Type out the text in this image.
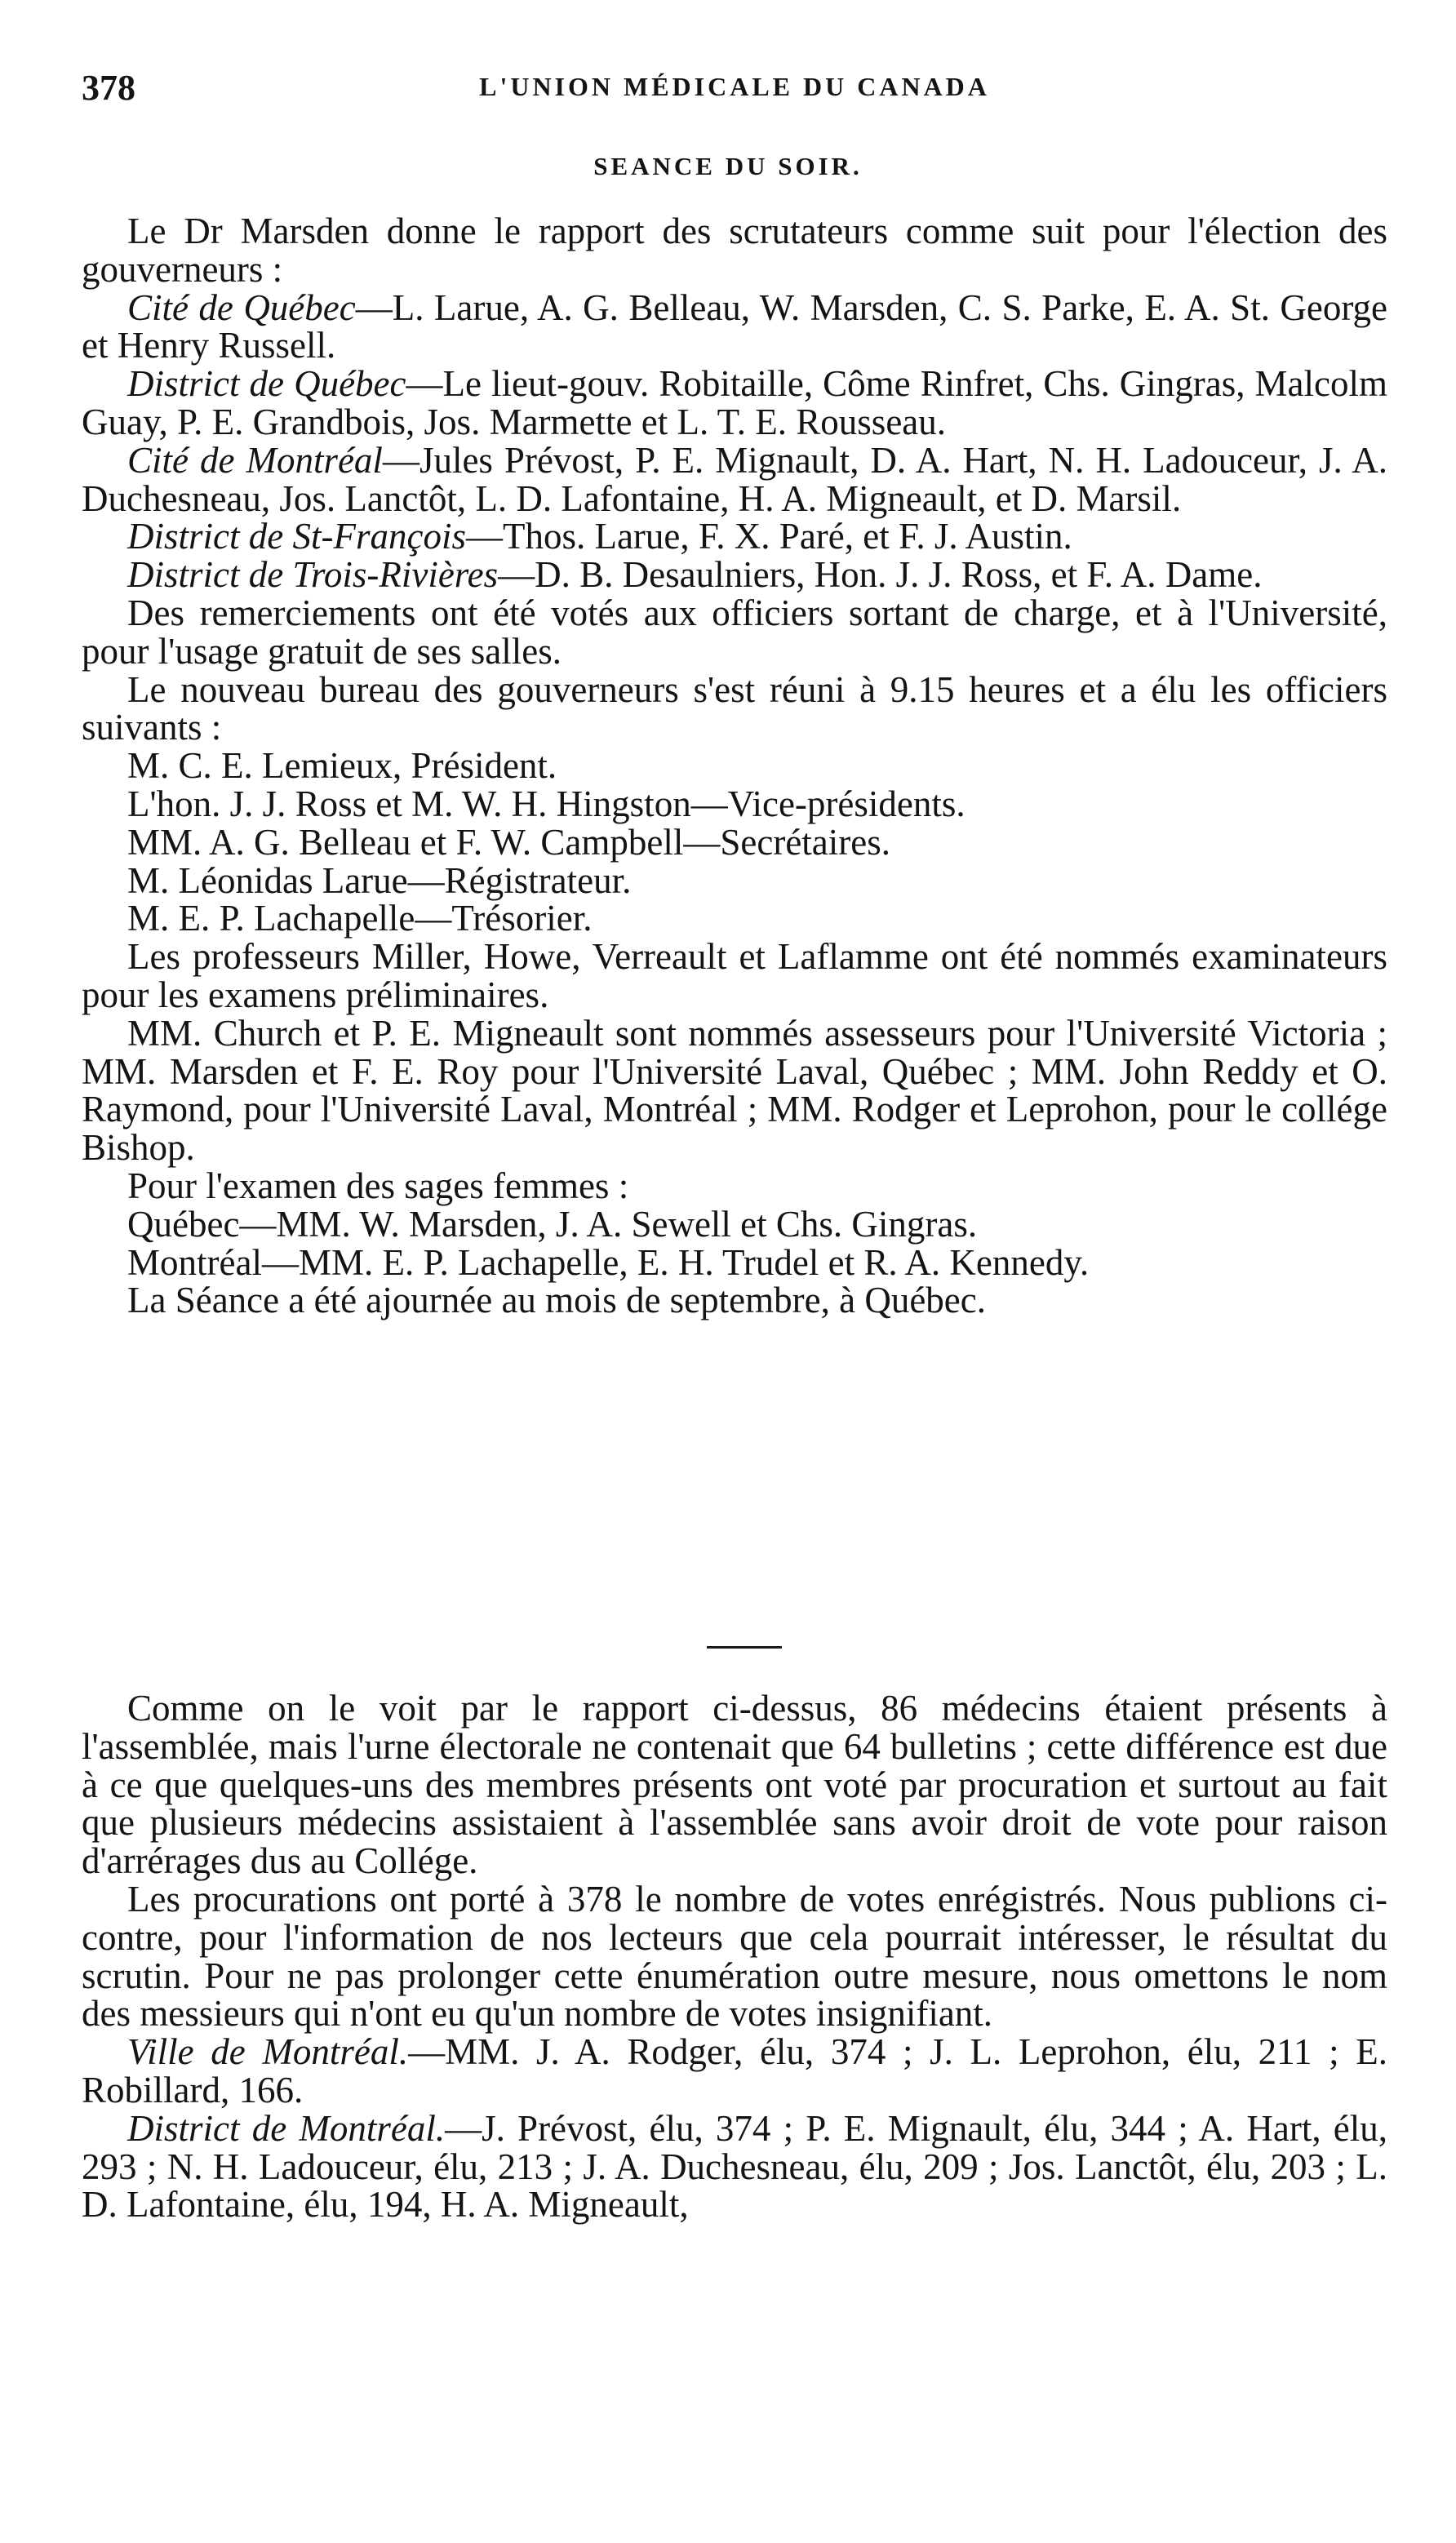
378	L'UNION MÉDICALE DU CANADA
SEANCE DU SOIR.

Le Dr Marsden donne le rapport des scrutateurs comme suit pour l'élection des gouverneurs :

Cité de Québec—L. Larue, A. G. Belleau, W. Marsden, C. S. Parke, E. A. St. George et Henry Russell.

District de Québec—Le lieut-gouv. Robitaille, Côme Rinfret, Chs. Gingras, Malcolm Guay, P. E. Grandbois, Jos. Marmette et L. T. E. Rousseau.

Cité de Montréal—Jules Prévost, P. E. Mignault, D. A. Hart, N. H. Ladouceur, J. A. Duchesneau, Jos. Lanctôt, L. D. Lafontaine, H. A. Migneault, et D. Marsil.

District de St-François—Thos. Larue, F. X. Paré, et F. J. Austin.

District de Trois-Rivières—D. B. Desaulniers, Hon. J. J. Ross, et F. A. Dame.

Des remerciements ont été votés aux officiers sortant de charge, et à l'Université, pour l'usage gratuit de ses salles.

Le nouveau bureau des gouverneurs s'est réuni à 9.15 heures et a élu les officiers suivants :

M. C. E. Lemieux, Président.

L'hon. J. J. Ross et M. W. H. Hingston—Vice-présidents.

MM. A. G. Belleau et F. W. Campbell—Secrétaires.

M. Léonidas Larue—Régistrateur.

M. E. P. Lachapelle—Trésorier.

Les professeurs Miller, Howe, Verreault et Laflamme ont été nommés examinateurs pour les examens préliminaires.

MM. Church et P. E. Migneault sont nommés assesseurs pour l'Université Victoria ; MM. Marsden et F. E. Roy pour l'Université Laval, Québec ; MM. John Reddy et O. Raymond, pour l'Université Laval, Montréal ; MM. Rodger et Leprohon, pour le collége Bishop.

Pour l'examen des sages femmes :

Québec—MM. W. Marsden, J. A. Sewell et Chs. Gingras.

Montréal—MM. E. P. Lachapelle, E. H. Trudel et R. A. Kennedy.

La Séance a été ajournée au mois de septembre, à Québec.

Comme on le voit par le rapport ci-dessus, 86 médecins étaient présents à l'assemblée, mais l'urne électorale ne contenait que 64 bulletins ; cette différence est due à ce que quelques-uns des membres présents ont voté par procuration et surtout au fait que plusieurs médecins assistaient à l'assemblée sans avoir droit de vote pour raison d'arrérages dus au Collége.

Les procurations ont porté à 378 le nombre de votes enrégistrés. Nous publions ci-contre, pour l'information de nos lecteurs que cela pourrait intéresser, le résultat du scrutin. Pour ne pas prolonger cette énumération outre mesure, nous omettons le nom des messieurs qui n'ont eu qu'un nombre de votes insignifiant.

Ville de Montréal.—MM. J. A. Rodger, élu, 374 ; J. L. Leprohon, élu, 211 ; E. Robillard, 166.

District de Montréal.—J. Prévost, élu, 374 ; P. E. Mignault, élu, 344 ; A. Hart, élu, 293 ; N. H. Ladouceur, élu, 213 ; J. A. Duchesneau, élu, 209 ; Jos. Lanctôt, élu, 203 ; L. D. Lafontaine, élu, 194, H. A. Migneault,
